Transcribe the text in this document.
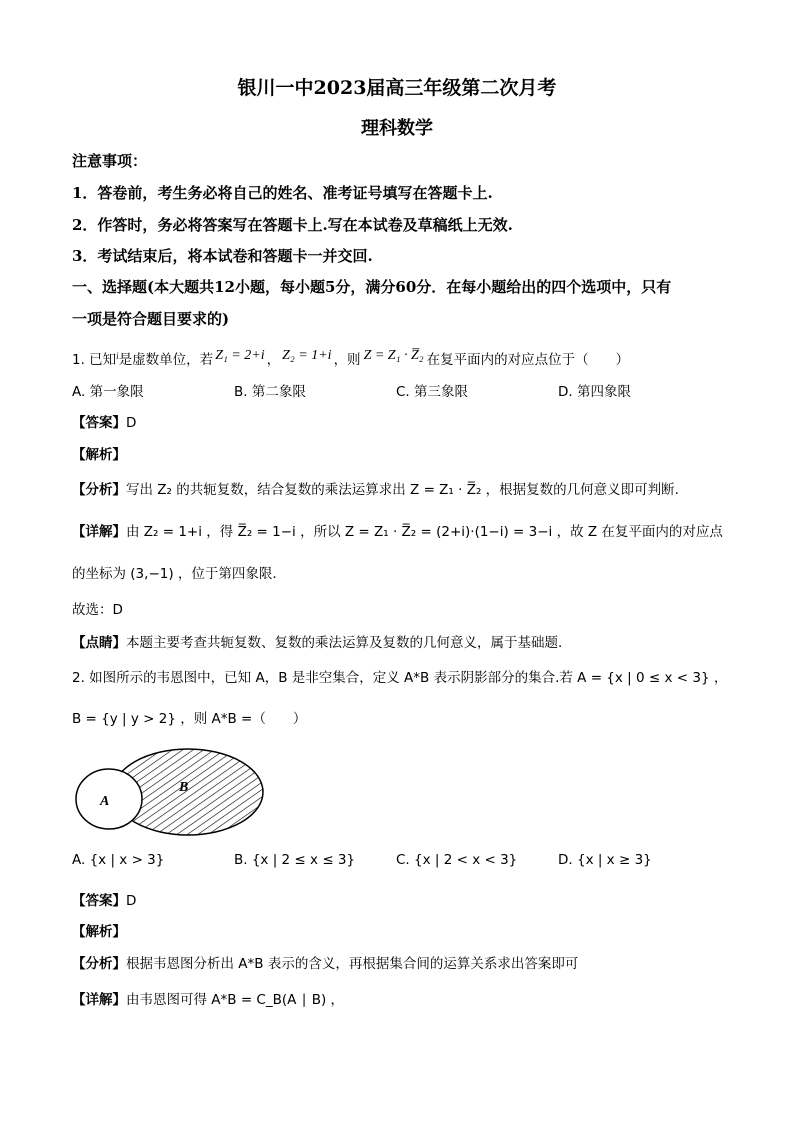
银川一中2023届高三年级第二次月考
理科数学
注意事项：
1．答卷前，考生务必将自己的姓名、准考证号填写在答题卡上.
2．作答时，务必将答案写在答题卡上.写在本试卷及草稿纸上无效.
3．考试结束后，将本试卷和答题卡一并交回.
一、选择题(本大题共12小题，每小题5分，满分60分．在每小题给出的四个选项中，只有
一项是符合题目要求的)
1. 已知$^i$是虚数单位，若 Z₁ = 2+i ， Z₂ = 1+i ，则 Z = Z₁ · Z̅₂ 在复平面内的对应点位于（　　）
A. 第一象限	B. 第二象限	C. 第三象限	D. 第四象限
【答案】D
【解析】
【分析】写出 Z₂ 的共轭复数，结合复数的乘法运算求出 Z = Z₁ · Z̅₂ ，根据复数的几何意义即可判断.
【详解】由 Z₂ = 1+i ，得 Z̅₂ = 1−i ，所以 Z = Z₁ · Z̅₂ = (2+i)·(1−i) = 3−i ，故 Z 在复平面内的对应点
的坐标为 (3,−1) ，位于第四象限.
故选：D
【点睛】本题主要考查共轭复数、复数的乘法运算及复数的几何意义，属于基础题.
2. 如图所示的韦恩图中，已知 A，B 是非空集合，定义 A*B 表示阴影部分的集合.若 A = {x | 0 ≤ x < 3} ，
B = {y | y > 2} ，则 A*B =（　　）
A
B
A. {x | x > 3}	B. {x | 2 ≤ x ≤ 3}	C. {x | 2 < x < 3}	D. {x | x ≥ 3}
【答案】D
【解析】
【分析】根据韦恩图分析出 A*B 表示的含义，再根据集合间的运算关系求出答案即可
【详解】由韦恩图可得 A*B = C_B(A ∣ B) ，
